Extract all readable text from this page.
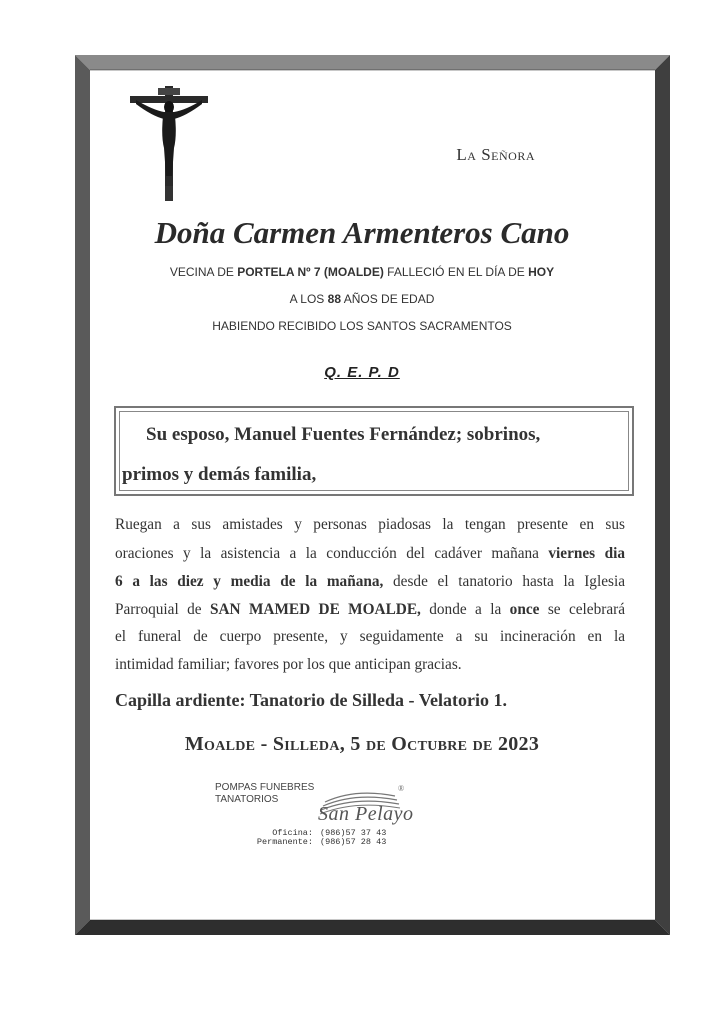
La Señora
Doña Carmen Armenteros Cano
VECINA DE PORTELA Nº 7 (MOALDE) FALLECIÓ EN EL DÍA DE HOY
A LOS 88 AÑOS DE EDAD
HABIENDO RECIBIDO LOS SANTOS SACRAMENTOS
Q. E. P. D
Su esposo, Manuel Fuentes Fernández; sobrinos,
primos y demás familia,
Ruegan a sus amistades y personas piadosas la tengan presente en sus
oraciones y la asistencia a la conducción del cadáver mañana viernes dia
6 a las diez y media de la mañana, desde el tanatorio hasta la Iglesia
Parroquial de SAN MAMED DE MOALDE, donde a la once se celebrará
el funeral de cuerpo presente, y seguidamente a su incineración en la
intimidad familiar; favores por los que anticipan gracias.
Capilla ardiente: Tanatorio de Silleda - Velatorio 1.
Moalde - Silleda, 5 de Octubre de 2023
POMPAS FUNEBRES
TANATORIOS
San Pelayo
®
Oficina: (986)57 37 43
Permanente: (986)57 28 43
